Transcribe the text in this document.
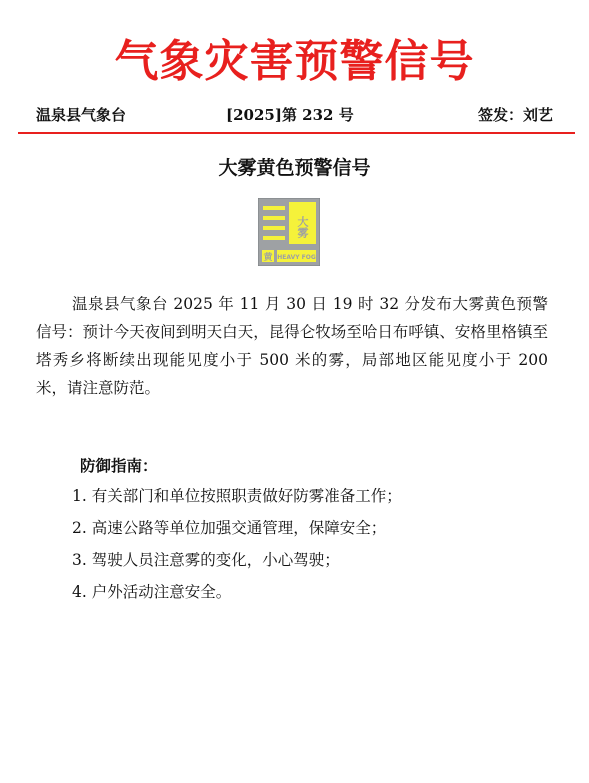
气象灾害预警信号
温泉县气象台	[2025]第 232 号	签发：刘艺
大雾黄色预警信号
大雾
黄 HEAVY FOG
温泉县气象台 2025 年 11 月 30 日 19 时 32 分发布大雾黄色预警信号：预计今天夜间到明天白天，昆得仑牧场至哈日布呼镇、安格里格镇至塔秀乡将断续出现能见度小于 500 米的雾，局部地区能见度小于 200 米，请注意防范。
防御指南：
1. 有关部门和单位按照职责做好防雾准备工作；
2. 高速公路等单位加强交通管理，保障安全；
3. 驾驶人员注意雾的变化，小心驾驶；
4. 户外活动注意安全。
